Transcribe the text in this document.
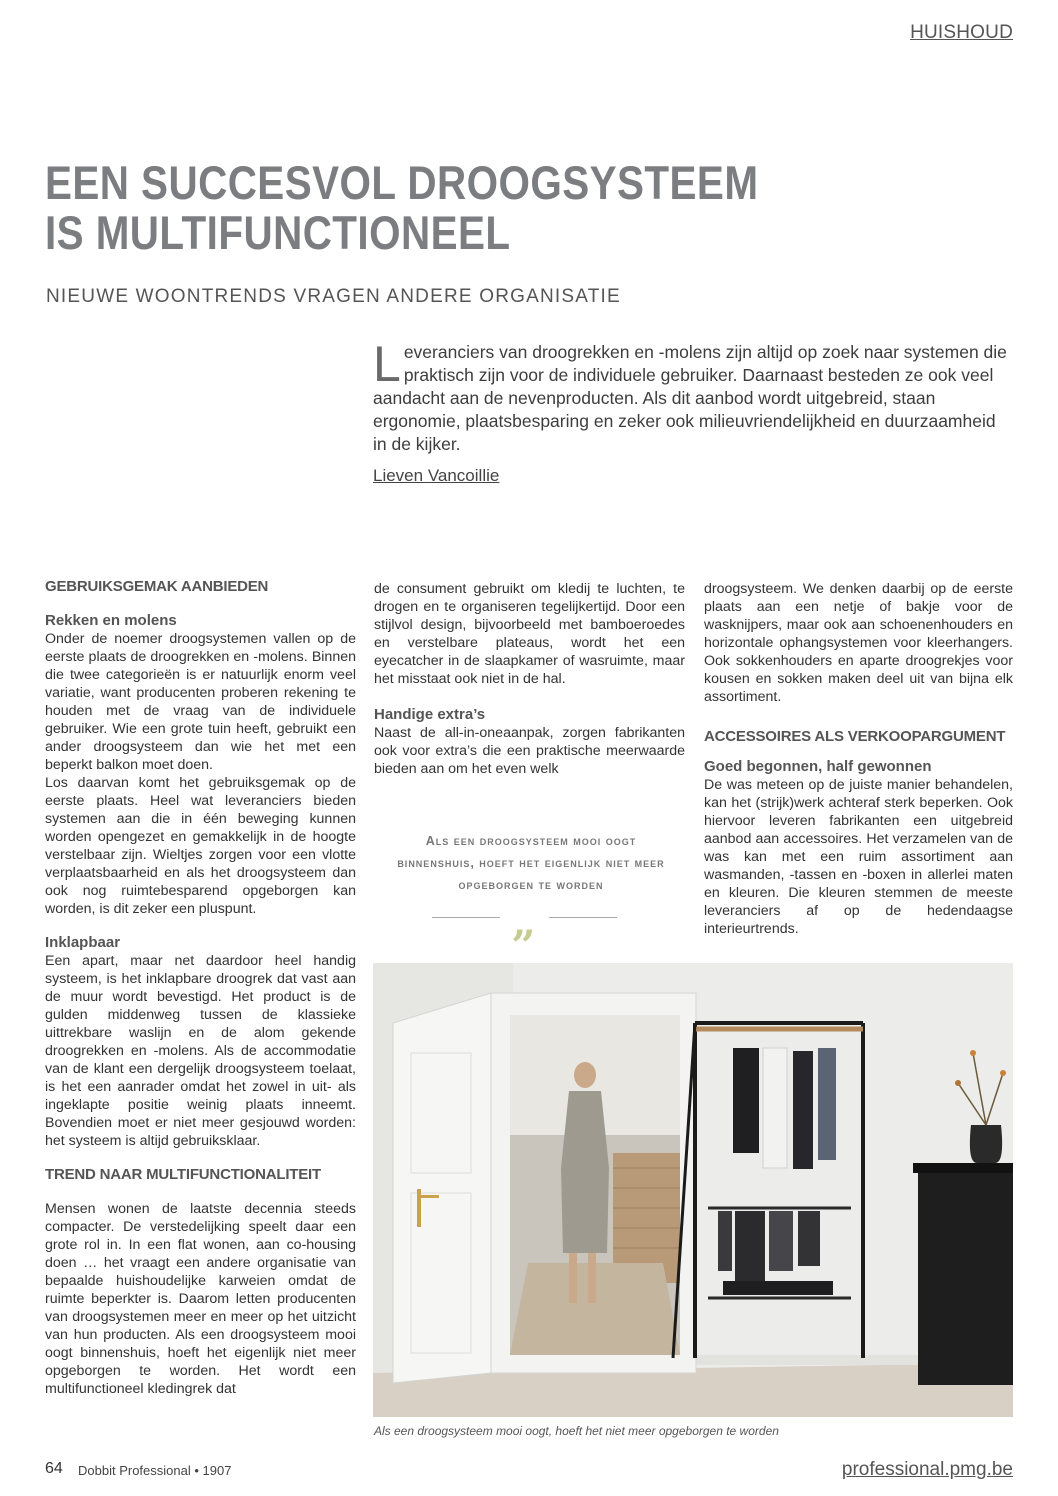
HUISHOUD
EEN SUCCESVOL DROOGSYSTEEM
IS MULTIFUNCTIONEEL
NIEUWE WOONTRENDS VRAGEN ANDERE ORGANISATIE
Leveranciers van droogrekken en -molens zijn altijd op zoek naar systemen die praktisch zijn voor de individuele gebruiker. Daarnaast besteden ze ook veel aandacht aan de nevenproducten. Als dit aanbod wordt uitgebreid, staan ergonomie, plaatsbesparing en zeker ook milieuvriendelijkheid en duurzaamheid in de kijker.
Lieven Vancoillie
GEBRUIKSGEMAK AANBIEDEN
Rekken en molens

Onder de noemer droogsystemen vallen op de eerste plaats de droogrekken en -molens. Binnen die twee categorieën is er natuurlijk enorm veel variatie, want producenten proberen rekening te houden met de vraag van de individuele gebruiker. Wie een grote tuin heeft, gebruikt een ander droogsysteem dan wie het met een beperkt balkon moet doen.

Los daarvan komt het gebruiksgemak op de eerste plaats. Heel wat leveranciers bieden systemen aan die in één beweging kunnen worden opengezet en gemakkelijk in de hoogte verstelbaar zijn. Wieltjes zorgen voor een vlotte verplaatsbaarheid en als het droogsysteem dan ook nog ruimtebesparend opgeborgen kan worden, is dit zeker een pluspunt.

Inklapbaar

Een apart, maar net daardoor heel handig systeem, is het inklapbare droogrek dat vast aan de muur wordt bevestigd. Het product is de gulden middenweg tussen de klassieke uittrekbare waslijn en de alom gekende droogrekken en -molens. Als de accommodatie van de klant een dergelijk droogsysteem toelaat, is het een aanrader omdat het zowel in uit- als ingeklapte positie weinig plaats inneemt. Bovendien moet er niet meer gesjouwd worden: het systeem is altijd gebruiksklaar.

TREND NAAR MULTIFUNCTIONALITEIT

Mensen wonen de laatste decennia steeds compacter. De verstedelijking speelt daar een grote rol in. In een flat wonen, aan co-housing doen … het vraagt een andere organisatie van bepaalde huishoudelijke karweien omdat de ruimte beperkter is. Daarom letten producenten van droogsystemen meer en meer op het uitzicht van hun producten. Als een droogsysteem mooi oogt binnenshuis, hoeft het eigenlijk niet meer opgeborgen te worden. Het wordt een multifunctioneel kledingrek dat

de consument gebruikt om kledij te luchten, te drogen en te organiseren tegelijkertijd. Door een stijlvol design, bijvoorbeeld met bamboeroedes en verstelbare plateaus, wordt het een eyecatcher in de slaapkamer of wasruimte, maar het misstaat ook niet in de hal.

Handige extra’s

Naast de all-in-oneaanpak, zorgen fabrikanten ook voor extra’s die een praktische meerwaarde bieden aan om het even welk

Als een droogsysteem mooi oogt binnenshuis, hoeft het eigenlijk niet meer opgeborgen te worden
„

droogsysteem. We denken daarbij op de eerste plaats aan een netje of bakje voor de wasknijpers, maar ook aan schoenenhouders en horizontale ophangsystemen voor kleerhangers. Ook sokkenhouders en aparte droogrekjes voor kousen en sokken maken deel uit van bijna elk assortiment.

ACCESSOIRES ALS VERKOOPARGUMENT
Goed begonnen, half gewonnen

De was meteen op de juiste manier behandelen, kan het (strijk)werk achteraf sterk beperken. Ook hiervoor leveren fabrikanten een uitgebreid aanbod aan accessoires. Het verzamelen van de was kan met een ruim assortiment aan wasmanden, -tassen en -boxen in allerlei maten en kleuren. Die kleuren stemmen de meeste leveranciers af op de hedendaagse interieurtrends.

Als een droogsysteem mooi oogt, hoeft het niet meer opgeborgen te worden
64 Dobbit Professional • 1907	professional.pmg.be
